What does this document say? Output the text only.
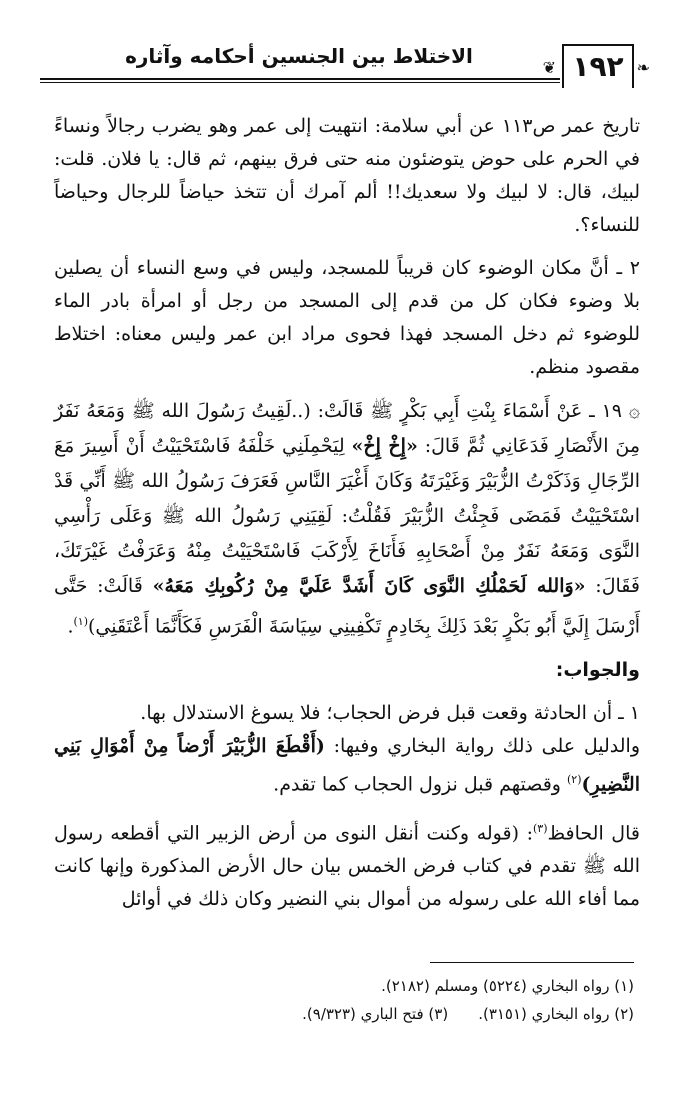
١٩٢
❦	❧
الاختلاط بين الجنسين أحكامه وآثاره

تاريخ عمر ص١١٣ عن أبي سلامة: انتهيت إلى عمر وهو يضرب رجالاً ونساءً في الحرم على حوض يتوضئون منه حتى فرق بينهم، ثم قال: يا فلان. قلت: لبيك، قال: لا لبيك ولا سعديك!! ألم آمرك أن تتخذ حياضاً للرجال وحياضاً للنساء؟.

٢ ـ أنَّ مكان الوضوء كان قريباً للمسجد، وليس في وسع النساء أن يصلين بلا وضوء فكان كل من قدم إلى المسجد من رجل أو امرأة بادر الماء للوضوء ثم دخل المسجد فهذا فحوى مراد ابن عمر وليس معناه: اختلاط مقصود منظم.

۞ ١٩ ـ عَنْ أَسْمَاءَ بِنْتِ أَبِي بَكْرٍ ﷺ قَالَتْ: (..لَقِيتُ رَسُولَ الله ﷺ وَمَعَهُ نَفَرٌ مِنَ الأَنْصَارِ فَدَعَانِي ثُمَّ قَالَ: «إِخْ إِخْ» لِيَحْمِلَنِي خَلْفَهُ فَاسْتَحْيَيْتُ أَنْ أَسِيرَ مَعَ الرِّجَالِ وَذَكَرْتُ الزُّبَيْرَ وَغَيْرَتَهُ وَكَانَ أَغْيَرَ النَّاسِ فَعَرَفَ رَسُولُ الله ﷺ أَنِّي قَدْ اسْتَحْيَيْتُ فَمَضَى فَجِئْتُ الزُّبَيْرَ فَقُلْتُ: لَقِيَنِي رَسُولُ الله ﷺ وَعَلَى رَأْسِي النَّوَى وَمَعَهُ نَفَرٌ مِنْ أَصْحَابِهِ فَأَنَاخَ لِأَرْكَبَ فَاسْتَحْيَيْتُ مِنْهُ وَعَرَفْتُ غَيْرَتَكَ، فَقَالَ: «وَالله لَحَمْلُكِ النَّوَى كَانَ أَشَدَّ عَلَيَّ مِنْ رُكُوبِكِ مَعَهُ» قَالَتْ: حَتَّى أَرْسَلَ إِلَيَّ أَبُو بَكْرٍ بَعْدَ ذَلِكَ بِخَادِمٍ تَكْفِينِي سِيَاسَةَ الْفَرَسِ فَكَأَنَّمَا أَعْتَقَنِي)$^{(١)}$.

والجواب:

١ ـ أن الحادثة وقعت قبل فرض الحجاب؛ فلا يسوغ الاستدلال بها.

والدليل على ذلك رواية البخاري وفيها: (أَقْطَعَ الزُّبَيْرَ أَرْضاً مِنْ أَمْوَالِ بَنِي النَّضِيرِ)$^{(٢)}$ وقصتهم قبل نزول الحجاب كما تقدم.

قال الحافظ$^{(٣)}$: (قوله وكنت أنقل النوى من أرض الزبير التي أقطعه رسول الله ﷺ تقدم في كتاب فرض الخمس بيان حال الأرض المذكورة وإنها كانت مما أفاء الله على رسوله من أموال بني النضير وكان ذلك في أوائل

(١) رواه البخاري (٥٢٢٤) ومسلم (٢١٨٢).
(٢) رواه البخاري (٣١٥١).
(٣) فتح الباري (٩/٣٢٣).
